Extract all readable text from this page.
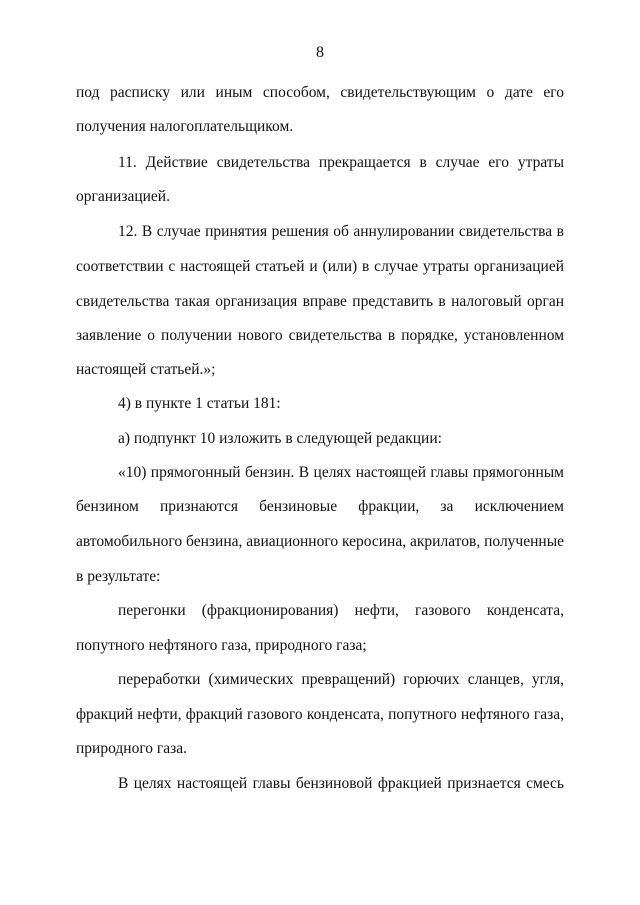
8
под расписку или иным способом, свидетельствующим о дате его
получения налогоплательщиком.
11. Действие свидетельства прекращается в случае его утраты
организацией.
12. В случае принятия решения об аннулировании свидетельства в
соответствии с настоящей статьей и (или) в случае утраты организацией
свидетельства такая организация вправе представить в налоговый орган
заявление о получении нового свидетельства в порядке, установленном
настоящей статьей.»;
4) в пункте 1 статьи 181:
а) подпункт 10 изложить в следующей редакции:
«10) прямогонный бензин. В целях настоящей главы прямогонным
бензином признаются бензиновые фракции, за исключением
автомобильного бензина, авиационного керосина, акрилатов, полученные
в результате:
перегонки (фракционирования) нефти, газового конденсата,
попутного нефтяного газа, природного газа;
переработки (химических превращений) горючих сланцев, угля,
фракций нефти, фракций газового конденсата, попутного нефтяного газа,
природного газа.
В целях настоящей главы бензиновой фракцией признается смесь
